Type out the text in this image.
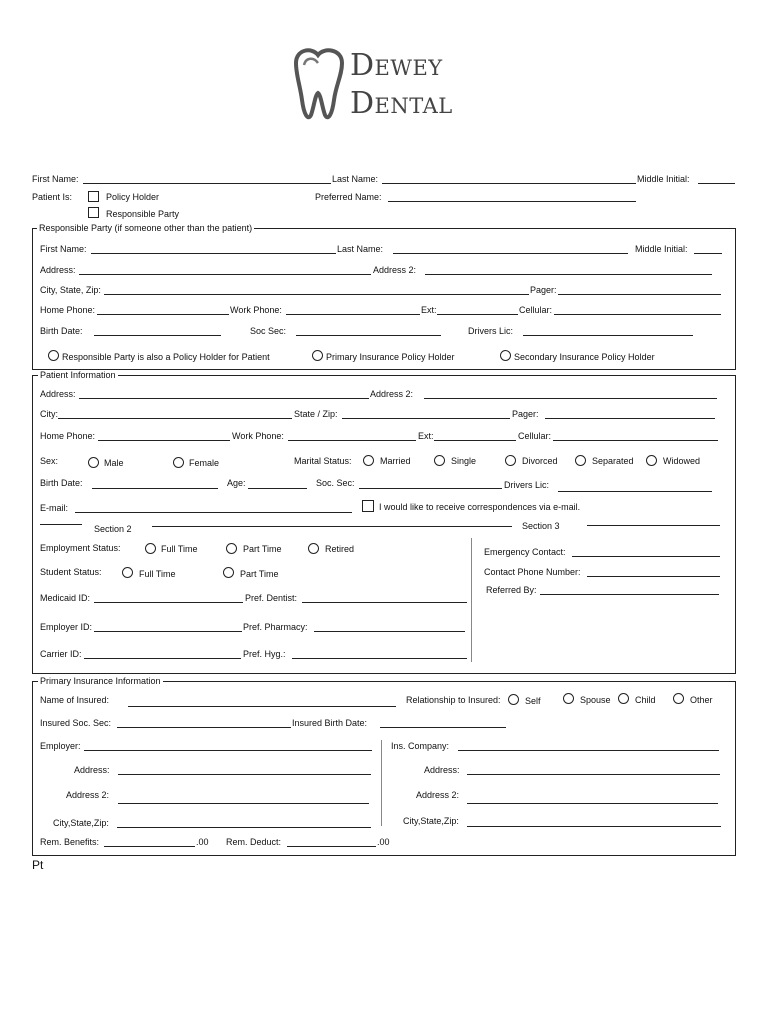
Dewey
Dental
First Name:	Last Name:	Middle Initial:
Patient Is:	Policy Holder	Preferred Name:
Responsible Party
Responsible Party (if someone other than the patient)
First Name:	Last Name:	Middle Initial:
Address:	Address 2:
City, State, Zip:	Pager:
Home Phone:	Work Phone:	Ext:	Cellular:
Birth Date:	Soc Sec:	Drivers Lic:
Responsible Party is also a Policy Holder for Patient	Primary Insurance Policy Holder	Secondary Insurance Policy Holder
Patient Information
Address:	Address 2:
City:	State / Zip:	Pager:
Home Phone:	Work Phone:	Ext:	Cellular:
Sex:	Male	Female	Marital Status:	Married	Single	Divorced	Separated	Widowed
Birth Date:	Age:	Soc. Sec:	Drivers Lic:
E-mail:	I would like to receive correspondences via e-mail.
Section 2	Section 3
Employment Status:	Full Time	Part Time	Retired
Student Status:	Full Time	Part Time
Medicaid ID:	Pref. Dentist:
Employer ID:	Pref. Pharmacy:
Carrier ID:	Pref. Hyg.:
Emergency Contact:
Contact Phone Number:
Referred By:
Primary Insurance Information
Name of Insured:	Relationship to Insured:	Self	Spouse	Child	Other
Insured Soc. Sec:	Insured Birth Date:
Employer:	Ins. Company:
Address:	Address:
Address 2:	Address 2:
City,State,Zip:	City,State,Zip:
Rem. Benefits:	.00 Rem. Deduct:	.00
Pt
